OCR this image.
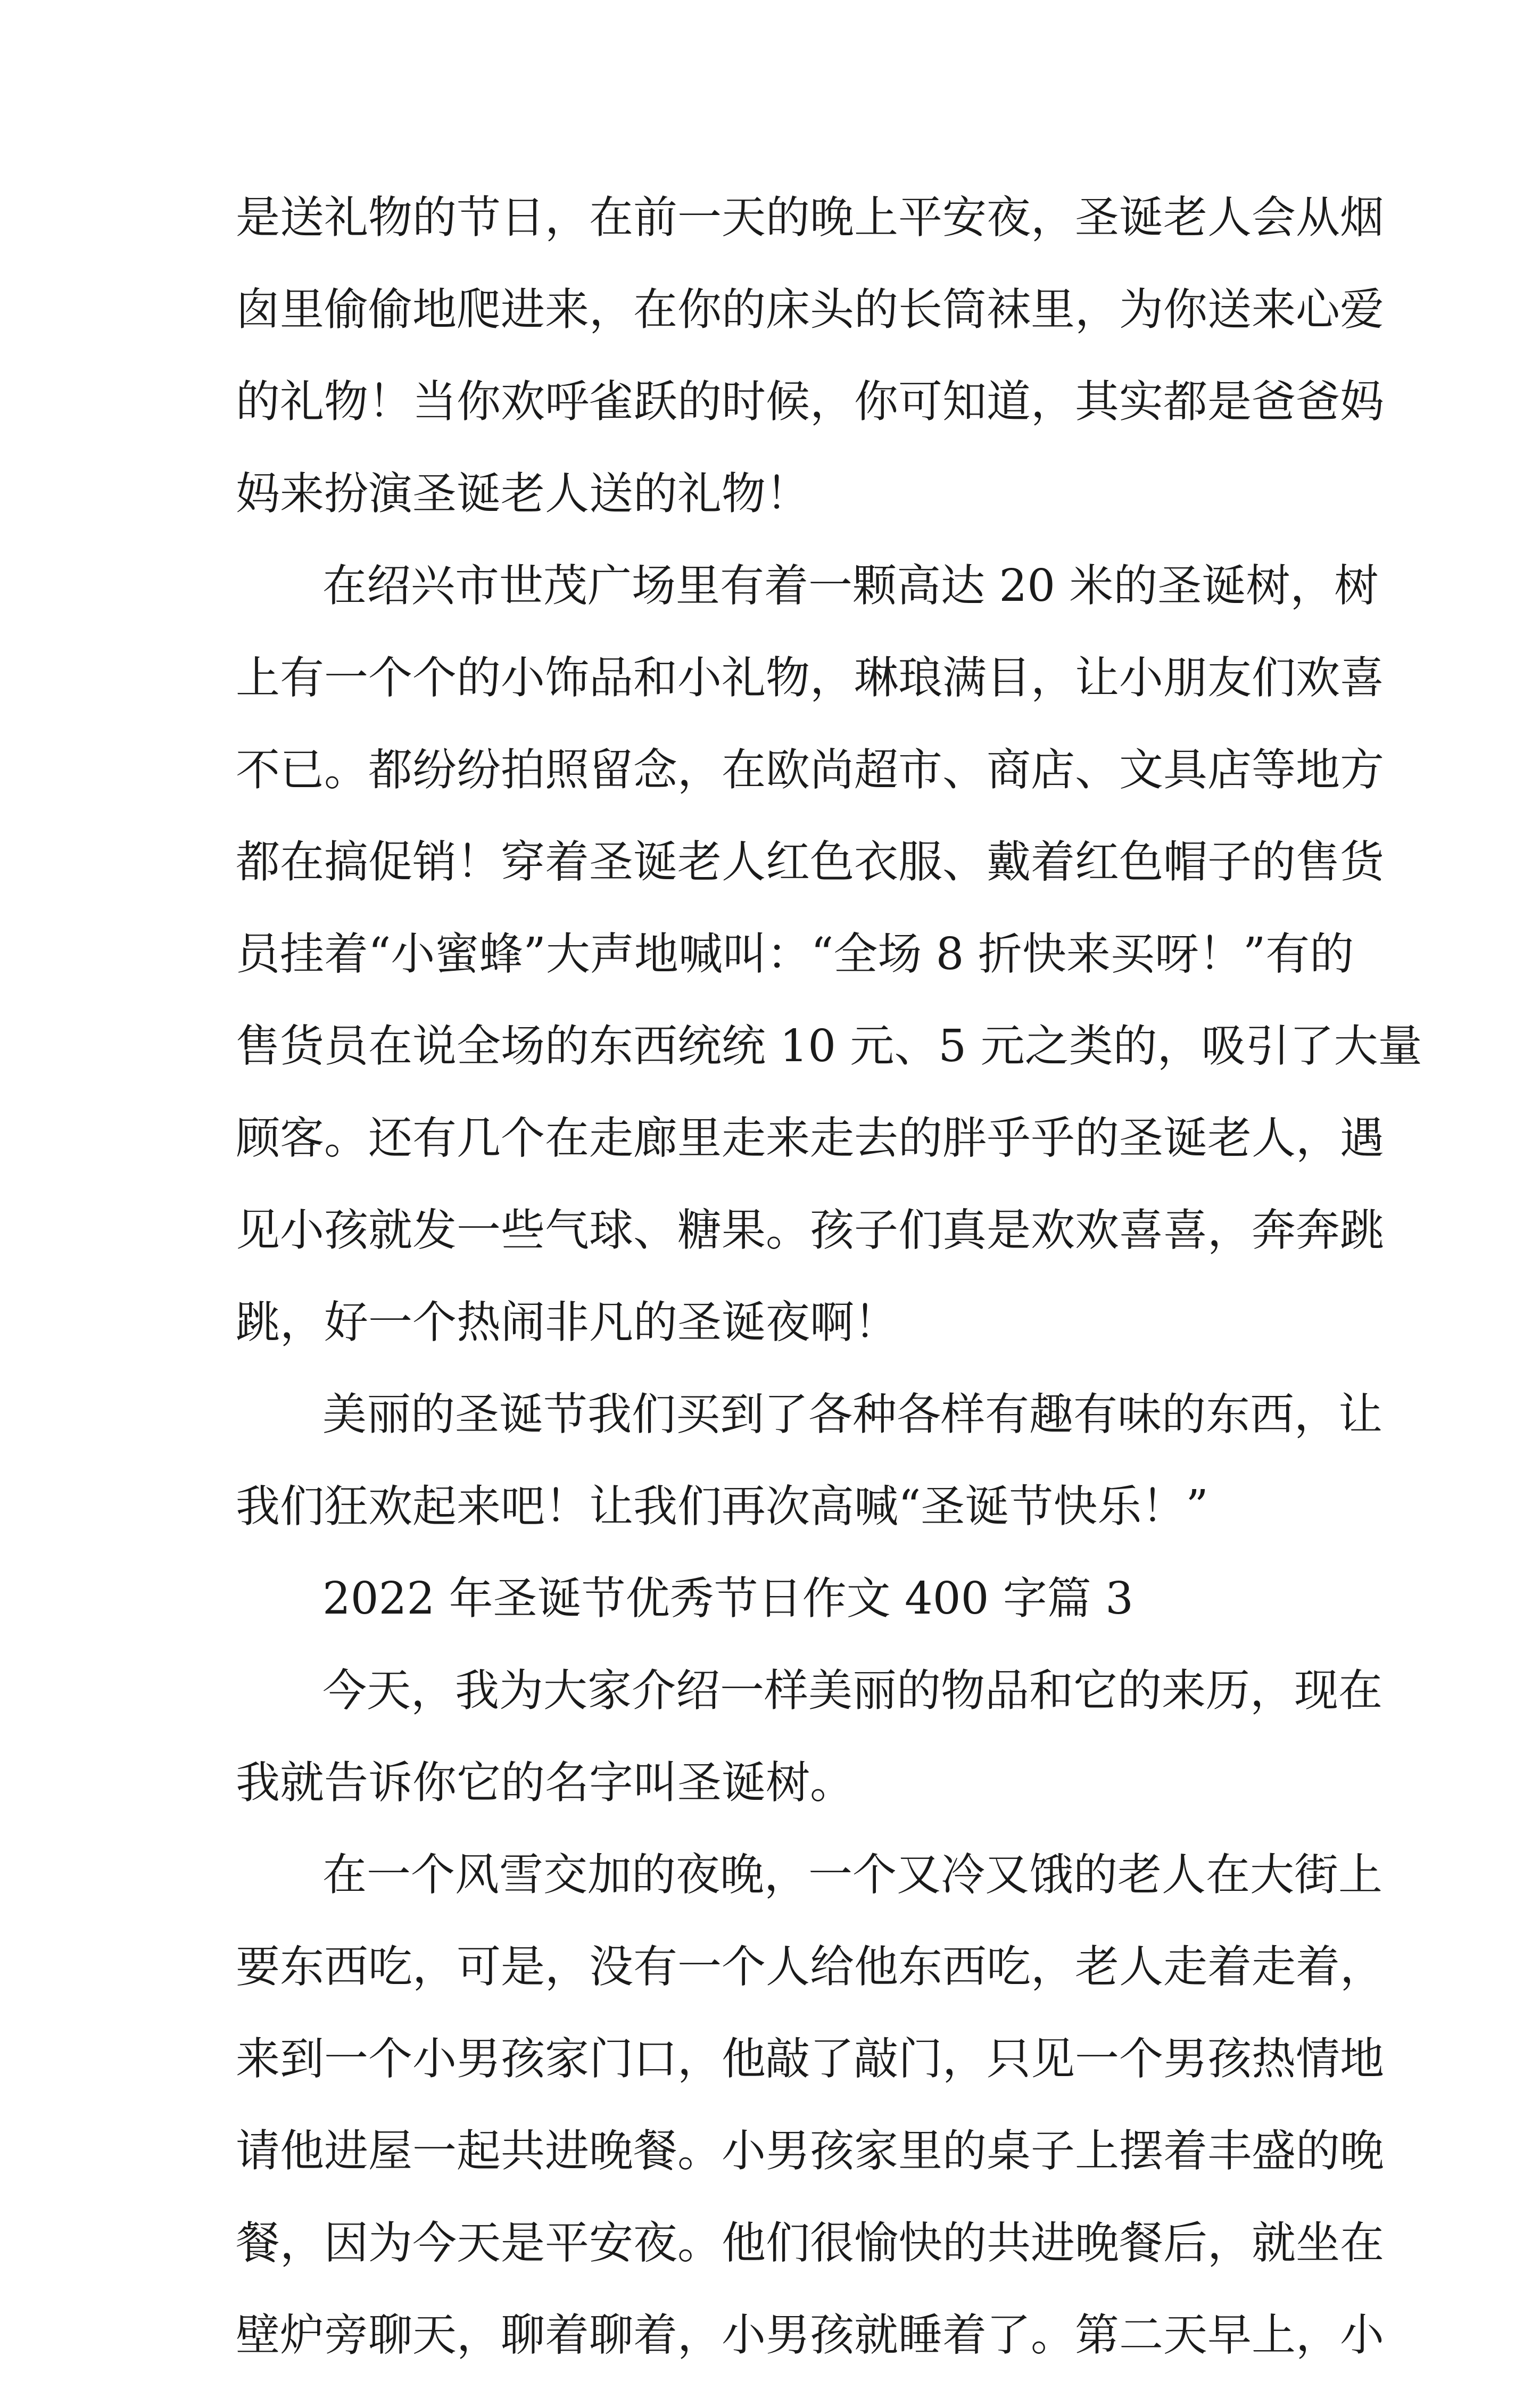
是送礼物的节日，在前一天的晚上平安夜，圣诞老人会从烟
囱里偷偷地爬进来，在你的床头的长筒袜里，为你送来心爱
的礼物！当你欢呼雀跃的时候，你可知道，其实都是爸爸妈
妈来扮演圣诞老人送的礼物！
在绍兴市世茂广场里有着一颗高达 20 米的圣诞树，树
上有一个个的小饰品和小礼物，琳琅满目，让小朋友们欢喜
不已。都纷纷拍照留念，在欧尚超市、商店、文具店等地方
都在搞促销！穿着圣诞老人红色衣服、戴着红色帽子的售货
员挂着“小蜜蜂”大声地喊叫：“全场 8 折快来买呀！”有的
售货员在说全场的东西统统 10 元、5 元之类的，吸引了大量
顾客。还有几个在走廊里走来走去的胖乎乎的圣诞老人，遇
见小孩就发一些气球、糖果。孩子们真是欢欢喜喜，奔奔跳
跳，好一个热闹非凡的圣诞夜啊！
美丽的圣诞节我们买到了各种各样有趣有味的东西，让
我们狂欢起来吧！让我们再次高喊“圣诞节快乐！”
2022 年圣诞节优秀节日作文 400 字篇 3
今天，我为大家介绍一样美丽的物品和它的来历，现在
我就告诉你它的名字叫圣诞树。
在一个风雪交加的夜晚，一个又冷又饿的老人在大街上
要东西吃，可是，没有一个人给他东西吃，老人走着走着，
来到一个小男孩家门口，他敲了敲门，只见一个男孩热情地
请他进屋一起共进晚餐。小男孩家里的桌子上摆着丰盛的晚
餐，因为今天是平安夜。他们很愉快的共进晚餐后，就坐在
壁炉旁聊天，聊着聊着，小男孩就睡着了。第二天早上，小
